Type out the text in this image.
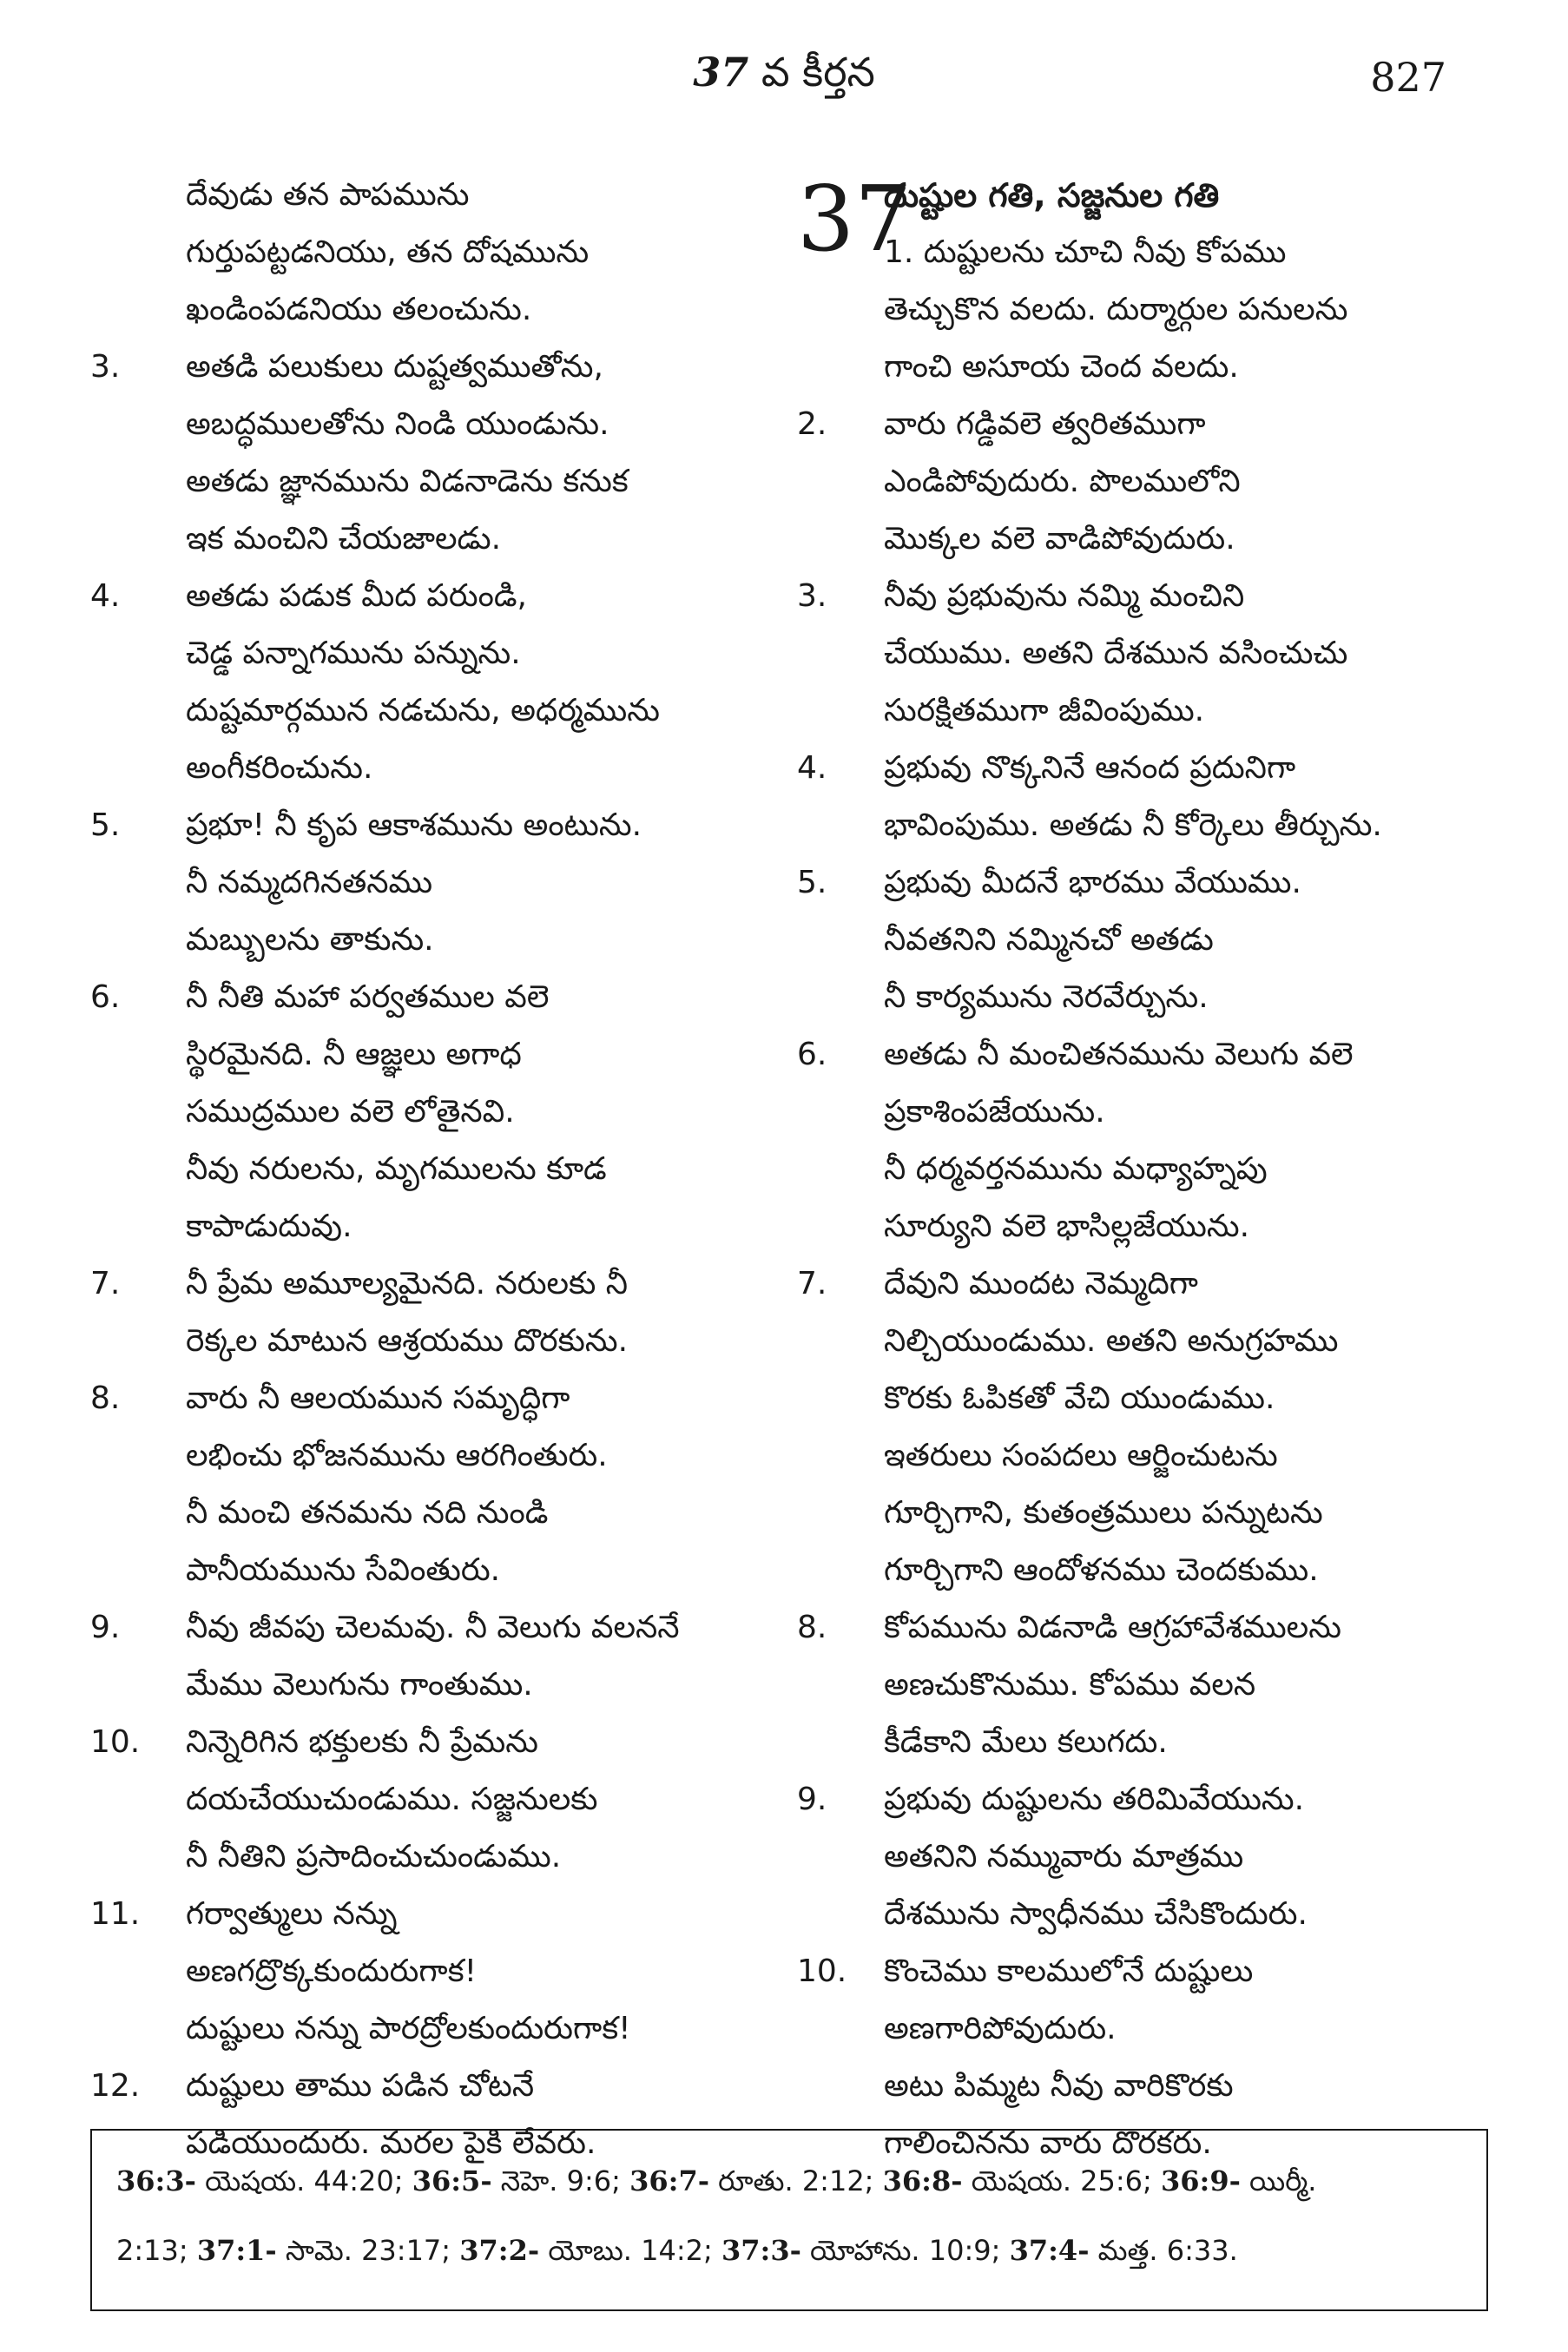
37 వ కీర్తన	827
దేవుడు తన పాపమును
గుర్తుపట్టడనియు, తన దోషమును
ఖండింపడనియు తలంచును.
3. అతడి పలుకులు దుష్టత్వముతోను,
అబద్ధములతోను నిండి యుండును.
అతడు జ్ఞానమును విడనాడెను కనుక
ఇక మంచిని చేయజాలడు.
4. అతడు పడుక మీద పరుండి,
చెడ్డ పన్నాగమును పన్నును.
దుష్టమార్గమున నడచును, అధర్మమును
అంగీకరించును.
5. ప్రభూ! నీ కృప ఆకాశమును అంటును.
నీ నమ్మదగినతనము
మబ్బులను తాకును.
6. నీ నీతి మహా పర్వతముల వలె
స్థిరమైనది. నీ ఆజ్ఞలు అగాధ
సముద్రముల వలె లోతైనవి.
నీవు నరులను, మృగములను కూడ
కాపాడుదువు.
7. నీ ప్రేమ అమూల్యమైనది. నరులకు నీ
రెక్కల మాటున ఆశ్రయము దొరకును.
8. వారు నీ ఆలయమున సమృద్ధిగా
లభించు భోజనమును ఆరగింతురు.
నీ మంచి తనమను నది నుండి
పానీయమును సేవింతురు.
9. నీవు జీవపు చెలమవు. నీ వెలుగు వలననే
మేము వెలుగును గాంతుము.
10. నిన్నెరిగిన భక్తులకు నీ ప్రేమను
దయచేయుచుండుము. సజ్జనులకు
నీ నీతిని ప్రసాదించుచుండుము.
11. గర్వాత్ములు నన్ను
అణగద్రొక్కకుందురుగాక!
దుష్టులు నన్ను పారద్రోలకుందురుగాక!
12. దుష్టులు తాము పడిన చోటనే
పడియుందురు. మరల పైకి లేవరు.
37
దుష్టుల గతి, సజ్జనుల గతి
1. దుష్టులను చూచి నీవు కోపము
తెచ్చుకొన వలదు. దుర్మార్గుల పనులను
గాంచి అసూయ చెంద వలదు.
2. వారు గడ్డివలె త్వరితముగా
ఎండిపోవుదురు. పొలములోని
మొక్కల వలె వాడిపోవుదురు.
3. నీవు ప్రభువును నమ్మి మంచిని
చేయుము. అతని దేశమున వసించుచు
సురక్షితముగా జీవింపుము.
4. ప్రభువు నొక్కనినే ఆనంద ప్రదునిగా
భావింపుము. అతడు నీ కోర్కెలు తీర్చును.
5. ప్రభువు మీదనే భారము వేయుము.
నీవతనిని నమ్మినచో అతడు
నీ కార్యమును నెరవేర్చును.
6. అతడు నీ మంచితనమును వెలుగు వలె
ప్రకాశింపజేయును.
నీ ధర్మవర్తనమును మధ్యాహ్నపు
సూర్యుని వలె భాసిల్లజేయును.
7. దేవుని ముందట నెమ్మదిగా
నిల్చియుండుము. అతని అనుగ్రహము
కొరకు ఓపికతో వేచి యుండుము.
ఇతరులు సంపదలు ఆర్జించుటను
గూర్చిగాని, కుతంత్రములు పన్నుటను
గూర్చిగాని ఆందోళనము చెందకుము.
8. కోపమును విడనాడి ఆగ్రహావేశములను
అణచుకొనుము. కోపము వలన
కీడేకాని మేలు కలుగదు.
9. ప్రభువు దుష్టులను తరిమివేయును.
అతనిని నమ్మువారు మాత్రము
దేశమును స్వాధీనము చేసికొందురు.
10. కొంచెము కాలములోనే దుష్టులు
అణగారిపోవుదురు.
అటు పిమ్మట నీవు వారికొరకు
గాలించినను వారు దొరకరు.
36:3- యెషయ. 44:20; 36:5- నెహె. 9:6; 36:7- రూతు. 2:12; 36:8- యెషయ. 25:6; 36:9- యిర్మీ.
2:13; 37:1- సామె. 23:17; 37:2- యోబు. 14:2; 37:3- యోహాను. 10:9; 37:4- మత్త. 6:33.
